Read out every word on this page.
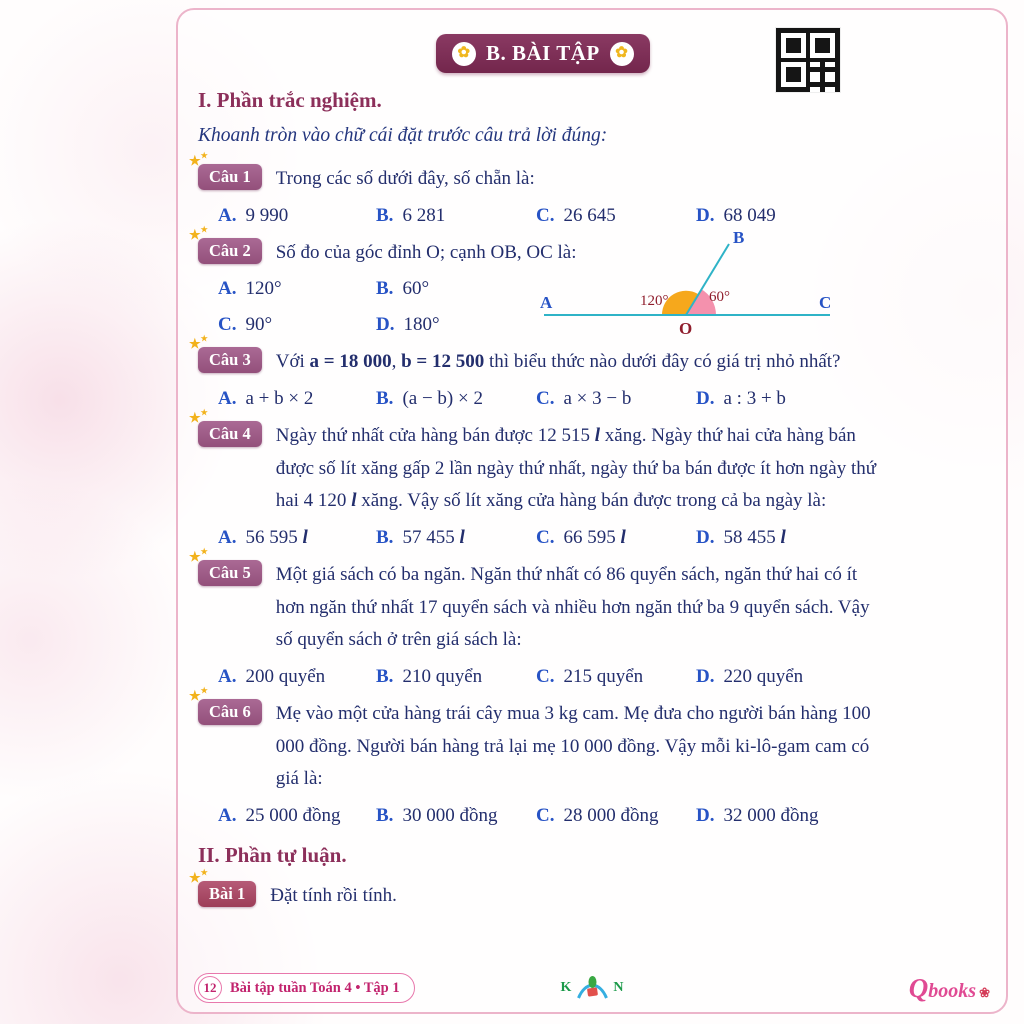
✿ B. BÀI TẬP	✿
I. Phần trắc nghiệm.

Khoanh tròn vào chữ cái đặt trước câu trả lời đúng:

★★
Câu 1	Trong các số dưới đây, số chẵn là:
A. 9 990	B. 6 281	C. 26 645	D. 68 049
★★
Câu 2	Số đo của góc đỉnh O; cạnh OB, OC là:
A. 120°	B. 60°
C. 90°	D. 180°
A
B
C
O
120°	60°
★★
Câu 3	Với a = 18 000, b = 12 500 thì biểu thức nào dưới đây có giá trị nhỏ nhất?
A. a + b × 2	B. (a − b) × 2	C. a × 3 − b	D. a : 3 + b
★★
Câu 4	Ngày thứ nhất cửa hàng bán được 12 515 l xăng. Ngày thứ hai cửa hàng bán được số lít xăng gấp 2 lần ngày thứ nhất, ngày thứ ba bán được ít hơn ngày thứ hai 4 120 l xăng. Vậy số lít xăng cửa hàng bán được trong cả ba ngày là:
A. 56 595 l	B. 57 455 l	C. 66 595 l	D. 58 455 l
★★
Câu 5	Một giá sách có ba ngăn. Ngăn thứ nhất có 86 quyển sách, ngăn thứ hai có ít hơn ngăn thứ nhất 17 quyển sách và nhiều hơn ngăn thứ ba 9 quyển sách. Vậy số quyển sách ở trên giá sách là:
A. 200 quyển	B. 210 quyển	C. 215 quyển	D. 220 quyển
★★
Câu 6	Mẹ vào một cửa hàng trái cây mua 3 kg cam. Mẹ đưa cho người bán hàng 100 000 đồng. Người bán hàng trả lại mẹ 10 000 đồng. Vậy mỗi ki-lô-gam cam có giá là:
A. 25 000 đồng	B. 30 000 đồng	C. 28 000 đồng	D. 32 000 đồng
II. Phần tự luận.
★★
Bài 1	Đặt tính rồi tính.
12 Bài tập tuần Toán 4 • Tập 1	K	N	Q books ❀
